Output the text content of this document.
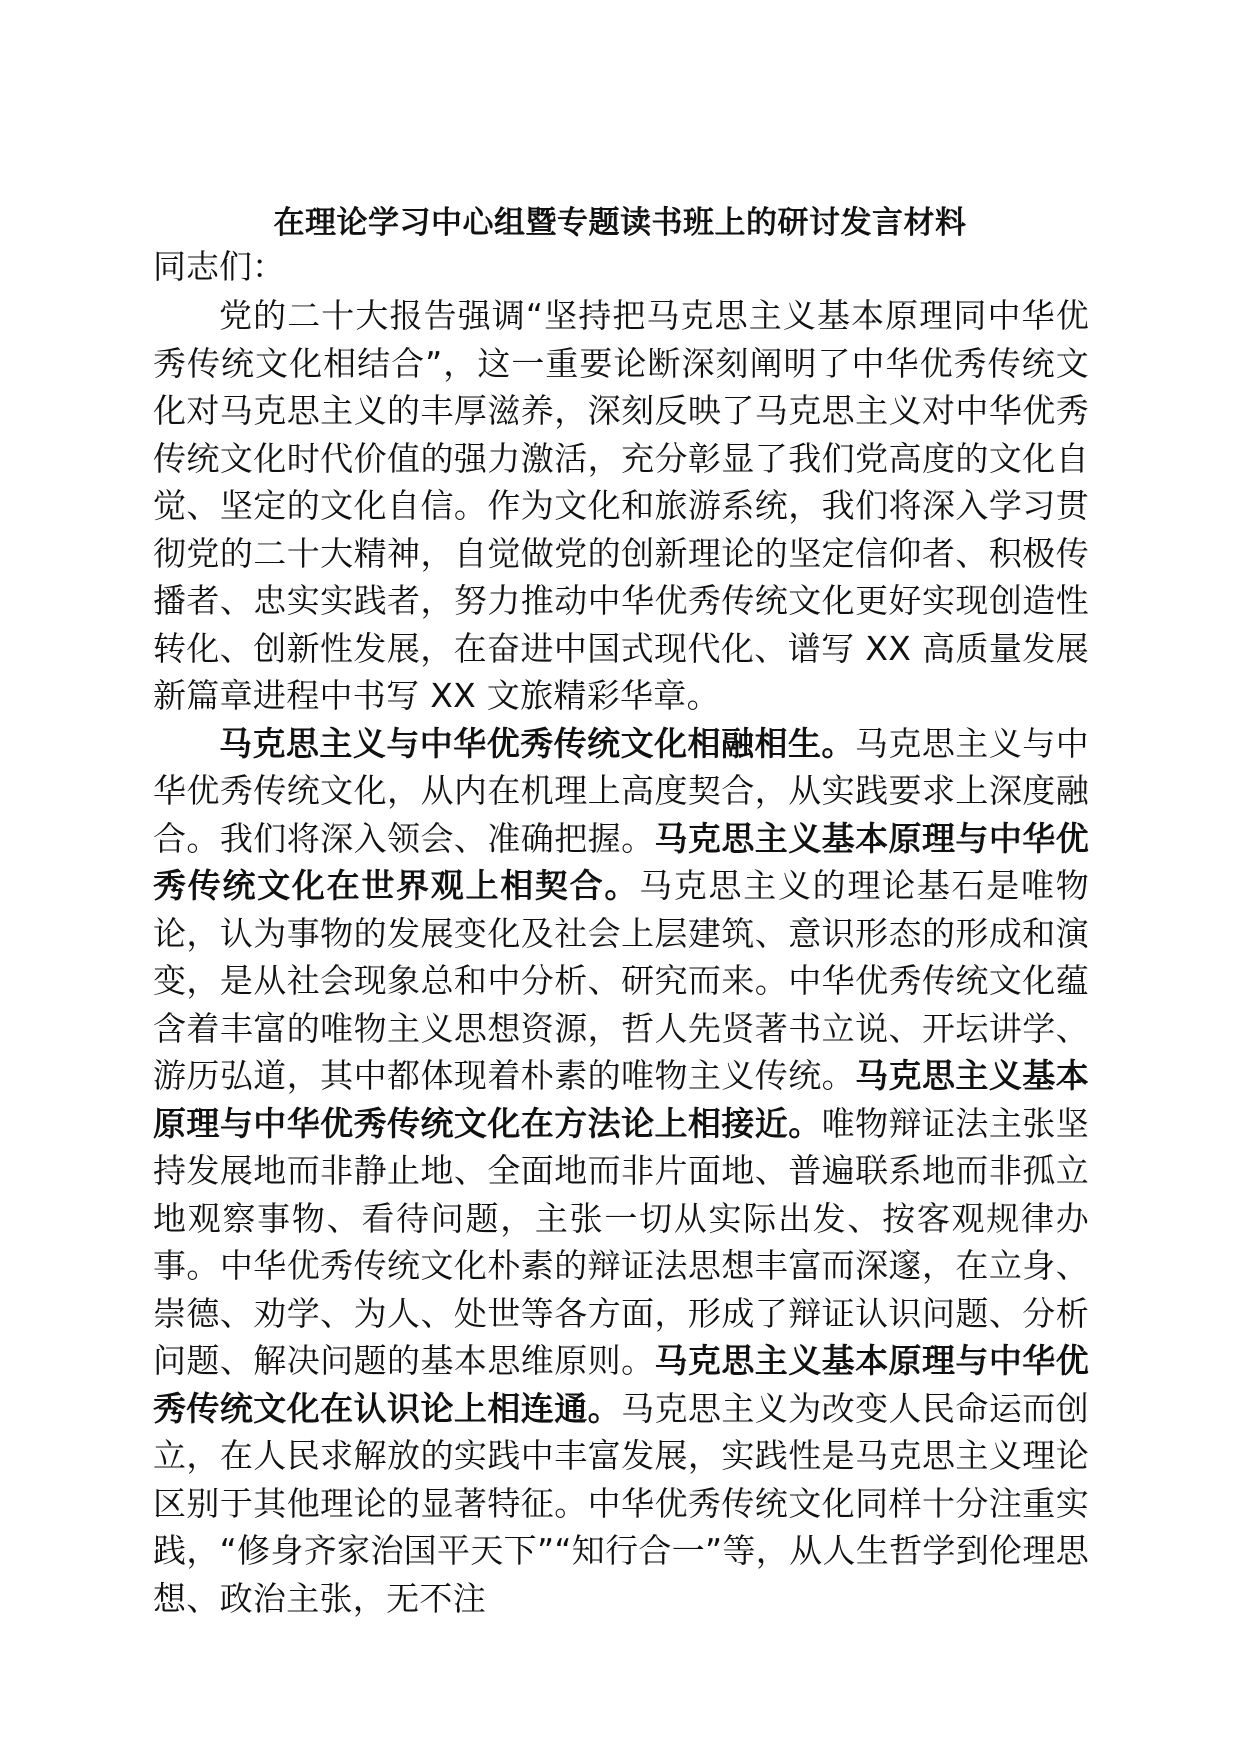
在理论学习中心组暨专题读书班上的研讨发言材料

同志们：

党的二十大报告强调“坚持把马克思主义基本原理同中华优秀传统文化相结合”，这一重要论断深刻阐明了中华优秀传统文化对马克思主义的丰厚滋养，深刻反映了马克思主义对中华优秀传统文化时代价值的强力激活，充分彰显了我们党高度的文化自觉、坚定的文化自信。作为文化和旅游系统，我们将深入学习贯彻党的二十大精神，自觉做党的创新理论的坚定信仰者、积极传播者、忠实实践者，努力推动中华优秀传统文化更好实现创造性转化、创新性发展，在奋进中国式现代化、谱写 XX 高质量发展新篇章进程中书写 XX 文旅精彩华章。

马克思主义与中华优秀传统文化相融相生。马克思主义与中华优秀传统文化，从内在机理上高度契合，从实践要求上深度融合。我们将深入领会、准确把握。马克思主义基本原理与中华优秀传统文化在世界观上相契合。马克思主义的理论基石是唯物论，认为事物的发展变化及社会上层建筑、意识形态的形成和演变，是从社会现象总和中分析、研究而来。中华优秀传统文化蕴含着丰富的唯物主义思想资源，哲人先贤著书立说、开坛讲学、游历弘道，其中都体现着朴素的唯物主义传统。马克思主义基本原理与中华优秀传统文化在方法论上相接近。唯物辩证法主张坚持发展地而非静止地、全面地而非片面地、普遍联系地而非孤立地观察事物、看待问题，主张一切从实际出发、按客观规律办事。中华优秀传统文化朴素的辩证法思想丰富而深邃，在立身、崇德、劝学、为人、处世等各方面，形成了辩证认识问题、分析问题、解决问题的基本思维原则。马克思主义基本原理与中华优秀传统文化在认识论上相连通。马克思主义为改变人民命运而创立，在人民求解放的实践中丰富发展，实践性是马克思主义理论区别于其他理论的显著特征。中华优秀传统文化同样十分注重实践，“修身齐家治国平天下”“知行合一”等，从人生哲学到伦理思想、政治主张，无不注
